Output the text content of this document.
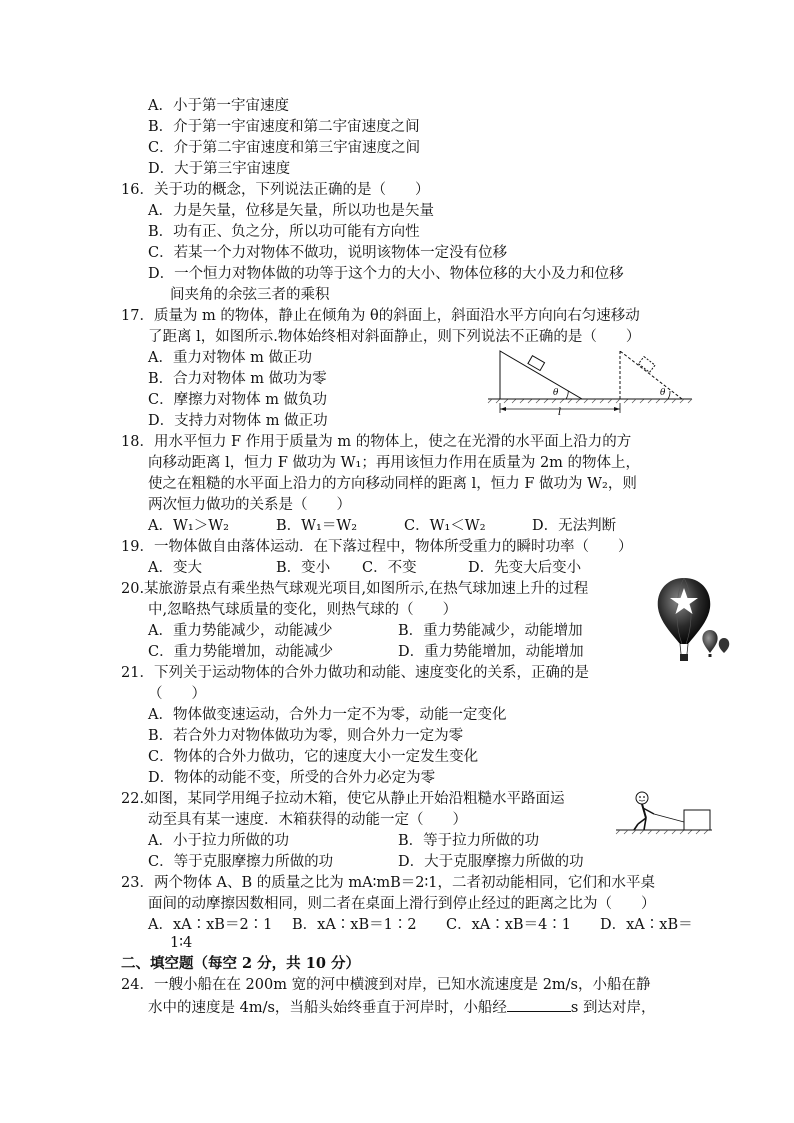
A．小于第一宇宙速度
B．介于第一宇宙速度和第二宇宙速度之间
C．介于第二宇宙速度和第三宇宙速度之间
D．大于第三宇宙速度
16．关于功的概念，下列说法正确的是（　　）
A．力是矢量，位移是矢量，所以功也是矢量
B．功有正、负之分，所以功可能有方向性
C．若某一个力对物体不做功，说明该物体一定没有位移
D．一个恒力对物体做的功等于这个力的大小、物体位移的大小及力和位移
间夹角的余弦三者的乘积
17．质量为 m 的物体，静止在倾角为 θ的斜面上，斜面沿水平方向向右匀速移动
了距离 l，如图所示.物体始终相对斜面静止，则下列说法不正确的是（　　）
A．重力对物体 m 做正功
B．合力对物体 m 做功为零
C．摩擦力对物体 m 做负功
D．支持力对物体 m 做正功
θ	θ
l
18．用水平恒力 F 作用于质量为 m 的物体上，使之在光滑的水平面上沿力的方
向移动距离 l，恒力 F 做功为 W₁；再用该恒力作用在质量为 2m 的物体上，
使之在粗糙的水平面上沿力的方向移动同样的距离 l，恒力 F 做功为 W₂，则
两次恒力做功的关系是（　　）
A．W₁＞W₂	B．W₁＝W₂	C．W₁＜W₂	D．无法判断
19．一物体做自由落体运动．在下落过程中，物体所受重力的瞬时功率（　　）
A．变大	B．变小 C．不变	D．先变大后变小
20.某旅游景点有乘坐热气球观光项目,如图所示,在热气球加速上升的过程
中,忽略热气球质量的变化，则热气球的（　　）
A．重力势能减少，动能减少	B．重力势能减少，动能增加
C．重力势能增加，动能减少	D．重力势能增加，动能增加
21．下列关于运动物体的合外力做功和动能、速度变化的关系，正确的是
（　　）
A．物体做变速运动，合外力一定不为零，动能一定变化
B．若合外力对物体做功为零，则合外力一定为零
C．物体的合外力做功，它的速度大小一定发生变化
D．物体的动能不变，所受的合外力必定为零
22.如图，某同学用绳子拉动木箱，使它从静止开始沿粗糙水平路面运
动至具有某一速度．木箱获得的动能一定（　　）
A．小于拉力所做的功	B．等于拉力所做的功
C．等于克服摩擦力所做的功	D．大于克服摩擦力所做的功
23．两个物体 A、B 的质量之比为 mA∶mB＝2∶1，二者初动能相同，它们和水平桌
面间的动摩擦因数相同，则二者在桌面上滑行到停止经过的距离之比为（　　）
A．xA∶xB＝2∶1 B．xA∶xB＝1∶2 C．xA∶xB＝4∶1 D．xA∶xB＝
1∶4
二、填空题（每空 2 分，共 10 分）
24．一艘小船在在 200m 宽的河中横渡到对岸，已知水流速度是 2m/s，小船在静
水中的速度是 4m/s，当船头始终垂直于河岸时，小船经	s 到达对岸，
